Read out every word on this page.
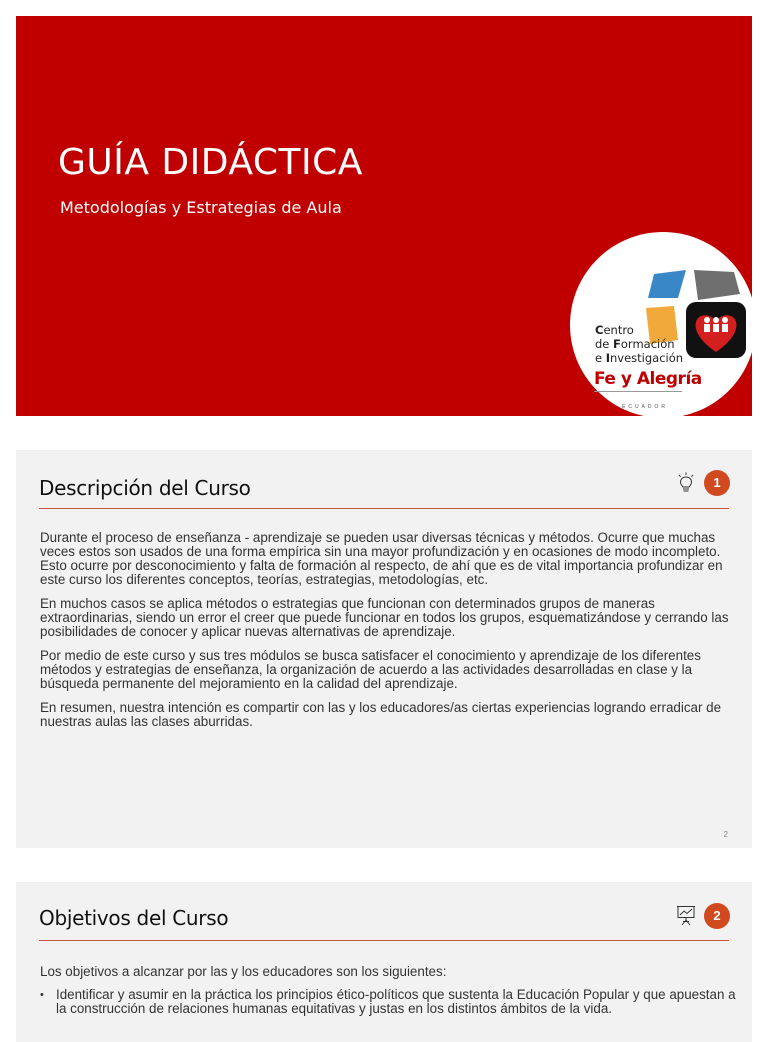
GUÍA DIDÁCTICA
Metodologías y Estrategias de Aula
Centro
de Formación
e Investigación
Fe y Alegría
ECUADOR
Descripción del Curso	1

Durante el proceso de enseñanza - aprendizaje se pueden usar diversas técnicas y métodos. Ocurre que muchas veces estos son usados de una forma empírica sin una mayor profundización y en ocasiones de modo incompleto. Esto ocurre por desconocimiento y falta de formación al respecto, de ahí que es de vital importancia profundizar en este curso los diferentes conceptos, teorías, estrategias, metodologías, etc.

En muchos casos se aplica métodos o estrategias que funcionan con determinados grupos de maneras extraordinarias, siendo un error el creer que puede funcionar en todos los grupos, esquematizándose y cerrando las posibilidades de conocer y aplicar nuevas alternativas de aprendizaje.

Por medio de este curso y sus tres módulos se busca satisfacer el conocimiento y aprendizaje de los diferentes métodos y estrategias de enseñanza, la organización de acuerdo a las actividades desarrolladas en clase y la búsqueda permanente del mejoramiento en la calidad del aprendizaje.

En resumen, nuestra intención es compartir con las y los educadores/as ciertas experiencias logrando erradicar de nuestras aulas las clases aburridas.

2
Objetivos del Curso	2
Los objetivos a alcanzar por las y los educadores son los siguientes:
• Identificar y asumir en la práctica los principios ético-políticos que sustenta la Educación Popular y que apuestan a la construcción de relaciones humanas equitativas y justas en los distintos ámbitos de la vida.
